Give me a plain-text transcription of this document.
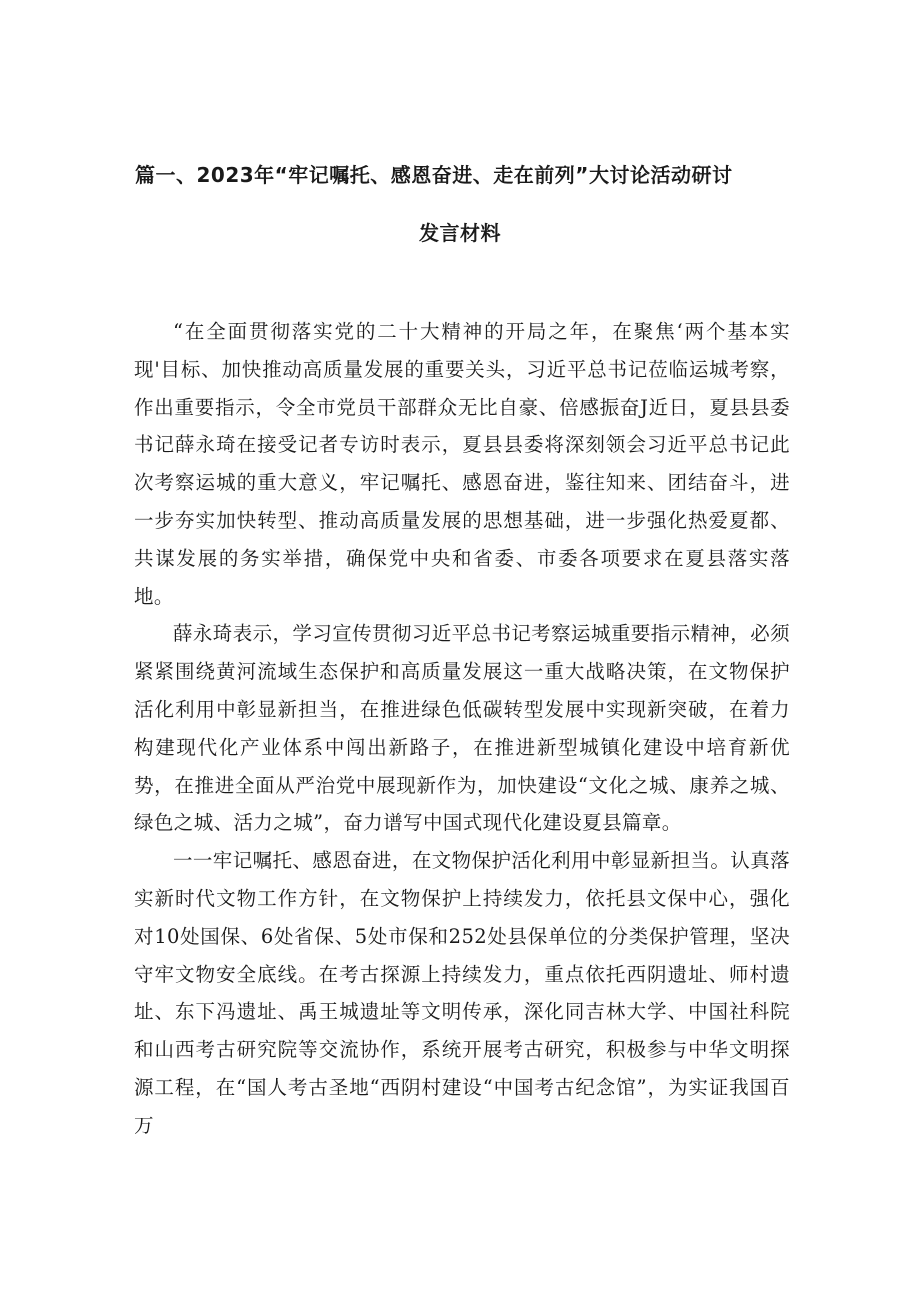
篇一、2023年“牢记嘱托、感恩奋进、走在前列”大讨论活动研讨
发言材料

“在全面贯彻落实党的二十大精神的开局之年，在聚焦‘两个基本实现'目标、加快推动高质量发展的重要关头，习近平总书记莅临运城考察，作出重要指示，令全市党员干部群众无比自豪、倍感振奋J近日，夏县县委书记薛永琦在接受记者专访时表示，夏县县委将深刻领会习近平总书记此次考察运城的重大意义，牢记嘱托、感恩奋进，鉴往知来、团结奋斗，进一步夯实加快转型、推动高质量发展的思想基础，进一步强化热爱夏都、共谋发展的务实举措，确保党中央和省委、市委各项要求在夏县落实落地。

薛永琦表示，学习宣传贯彻习近平总书记考察运城重要指示精神，必须紧紧围绕黄河流域生态保护和高质量发展这一重大战略决策，在文物保护活化利用中彰显新担当，在推进绿色低碳转型发展中实现新突破，在着力构建现代化产业体系中闯出新路子，在推进新型城镇化建设中培育新优势，在推进全面从严治党中展现新作为，加快建设“文化之城、康养之城、绿色之城、活力之城”，奋力谱写中国式现代化建设夏县篇章。

一一牢记嘱托、感恩奋进，在文物保护活化利用中彰显新担当。认真落实新时代文物工作方针，在文物保护上持续发力，依托县文保中心，强化对10处国保、6处省保、5处市保和252处县保单位的分类保护管理，坚决守牢文物安全底线。在考古探源上持续发力，重点依托西阴遗址、师村遗址、东下冯遗址、禹王城遗址等文明传承，深化同吉林大学、中国社科院和山西考古研究院等交流协作，系统开展考古研究，积极参与中华文明探源工程，在“国人考古圣地“西阴村建设“中国考古纪念馆”，为实证我国百万
